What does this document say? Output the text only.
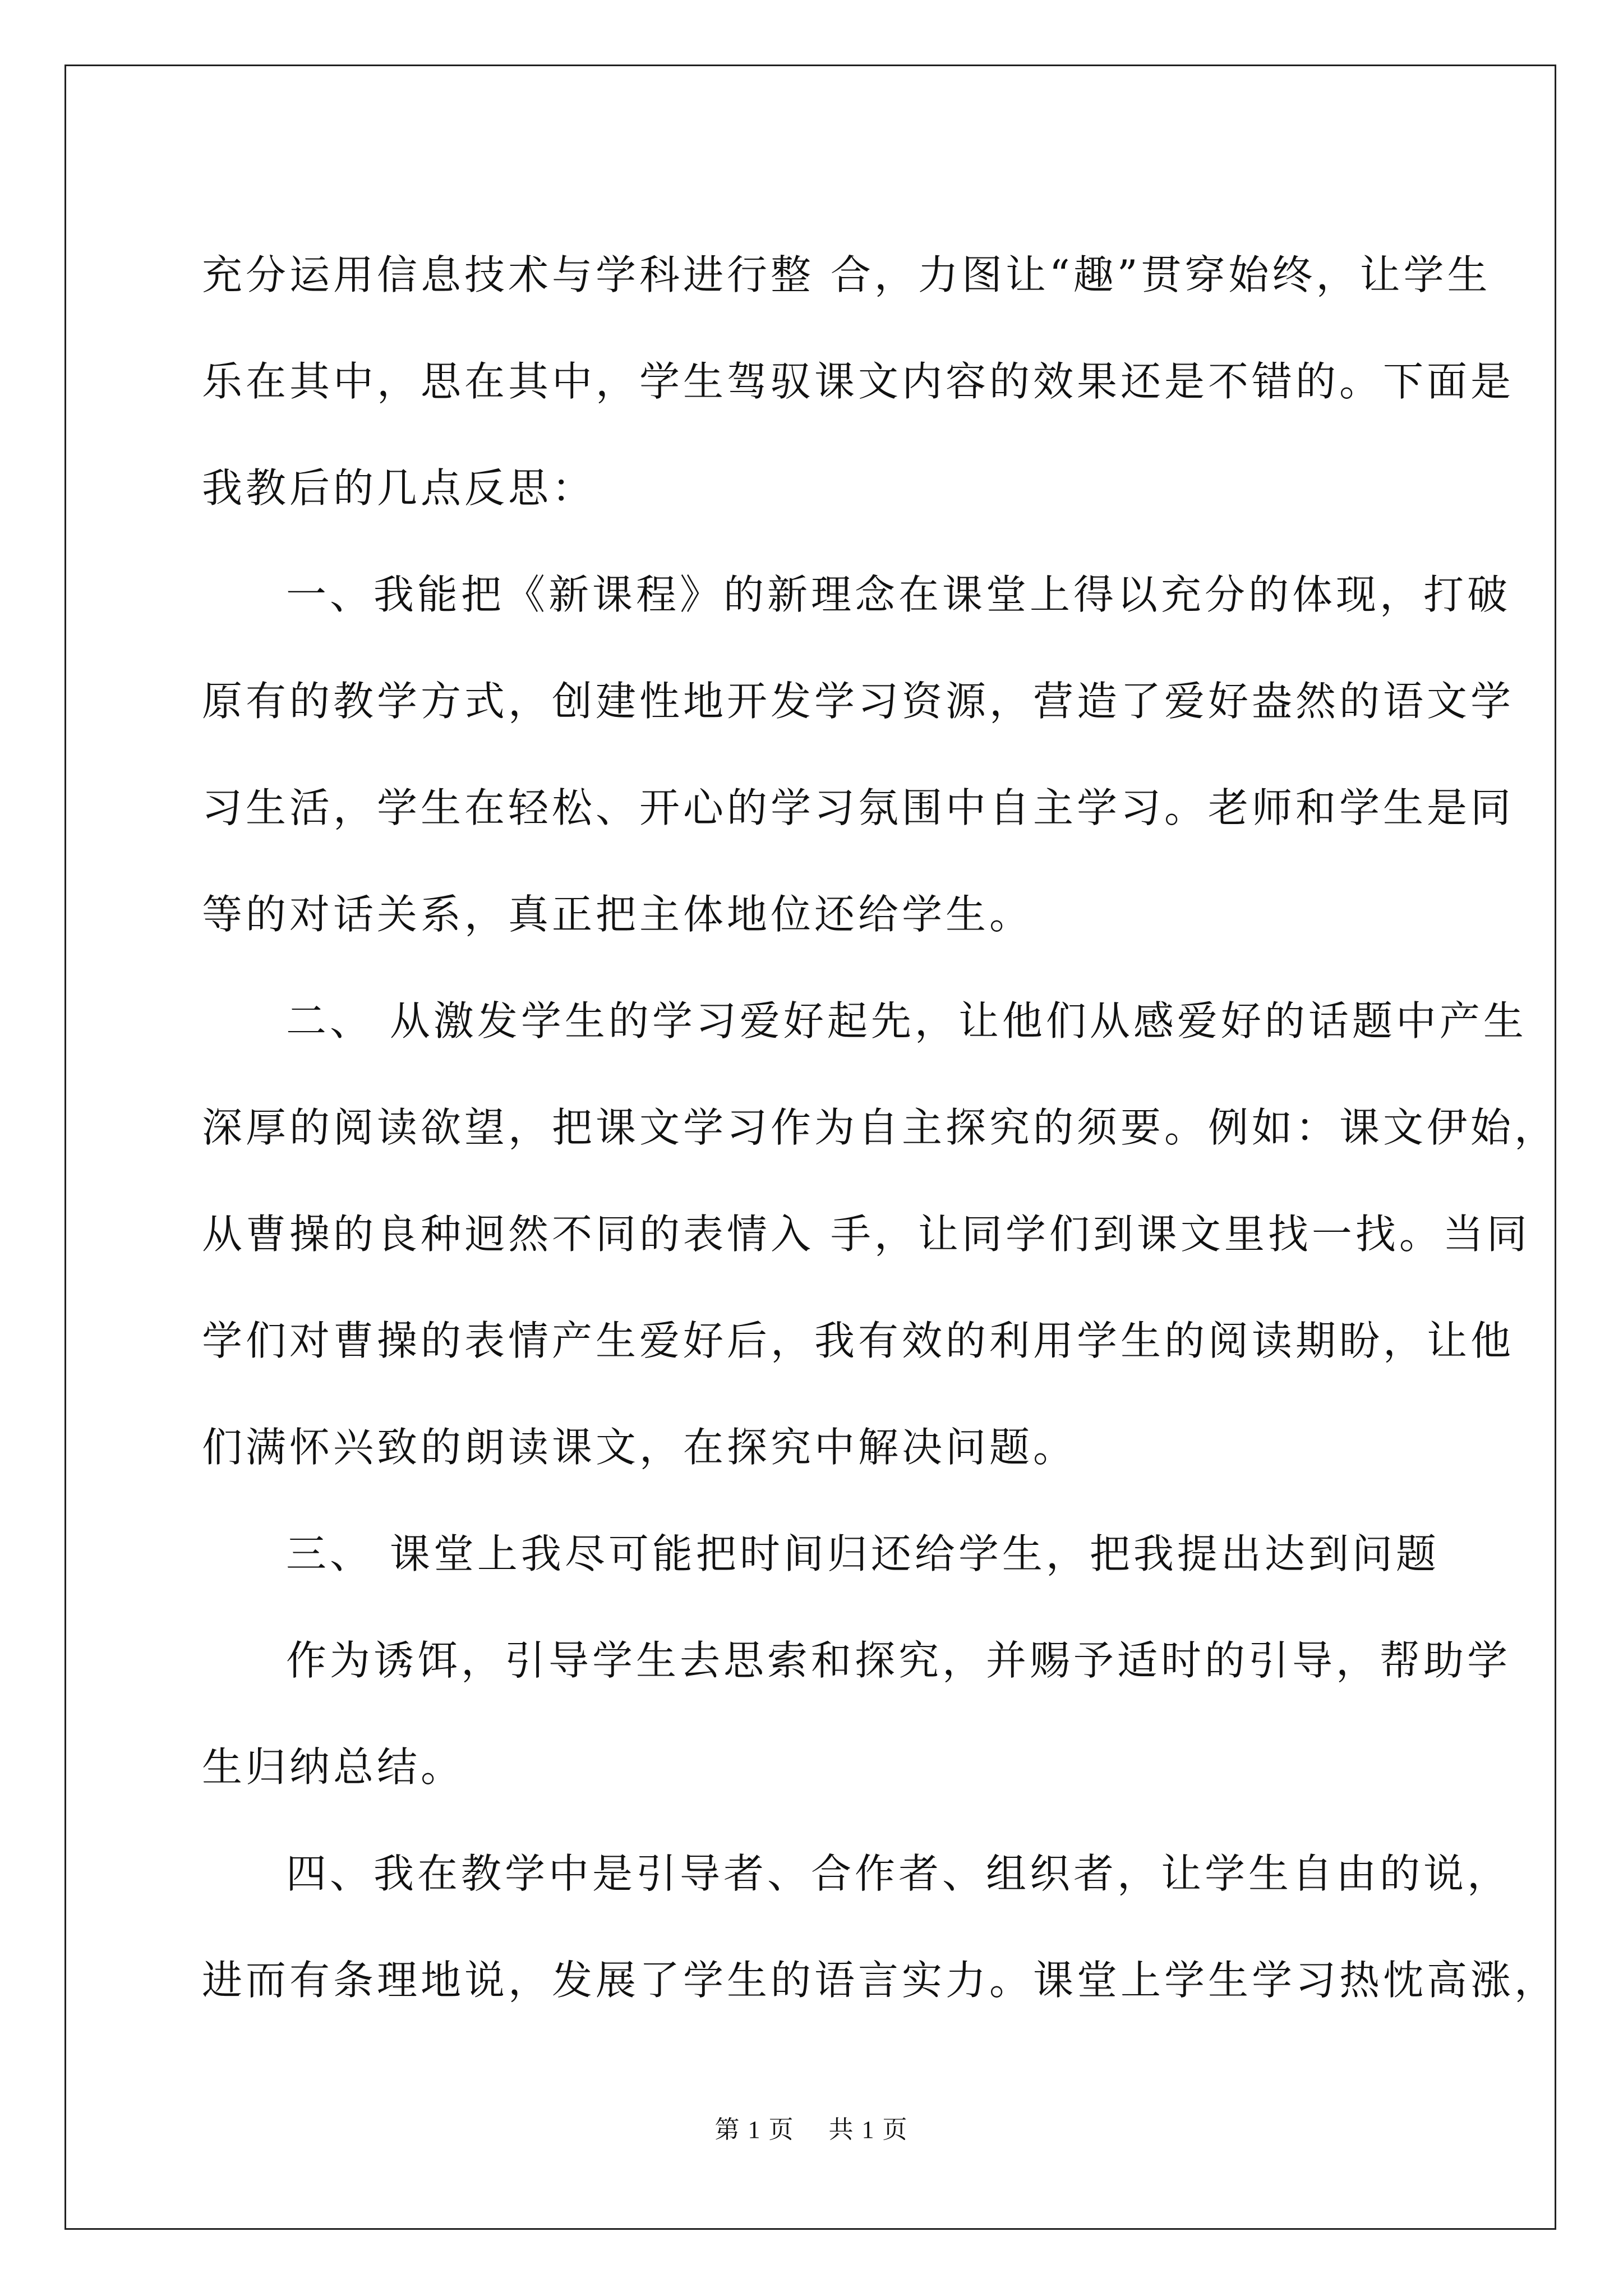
充分运用信息技术与学科进行整 合，力图让“趣”贯穿始终，让学生
乐在其中，思在其中，学生驾驭课文内容的效果还是不错的。下面是
我教后的几点反思：
一、我能把《新课程》的新理念在课堂上得以充分的体现，打破
原有的教学方式，创建性地开发学习资源，营造了爱好盎然的语文学
习生活，学生在轻松、开心的学习氛围中自主学习。老师和学生是同
等的对话关系，真正把主体地位还给学生。
二、 从激发学生的学习爱好起先，让他们从感爱好的话题中产生
深厚的阅读欲望，把课文学习作为自主探究的须要。例如：课文伊始，
从曹操的良种迥然不同的表情入 手，让同学们到课文里找一找。当同
学们对曹操的表情产生爱好后，我有效的利用学生的阅读期盼，让他
们满怀兴致的朗读课文，在探究中解决问题。
三、 课堂上我尽可能把时间归还给学生，把我提出达到问题
作为诱饵，引导学生去思索和探究，并赐予适时的引导，帮助学
生归纳总结。
四、我在教学中是引导者、合作者、组织者，让学生自由的说，
进而有条理地说，发展了学生的语言实力。课堂上学生学习热忱高涨，
第 1 页 共 1 页
